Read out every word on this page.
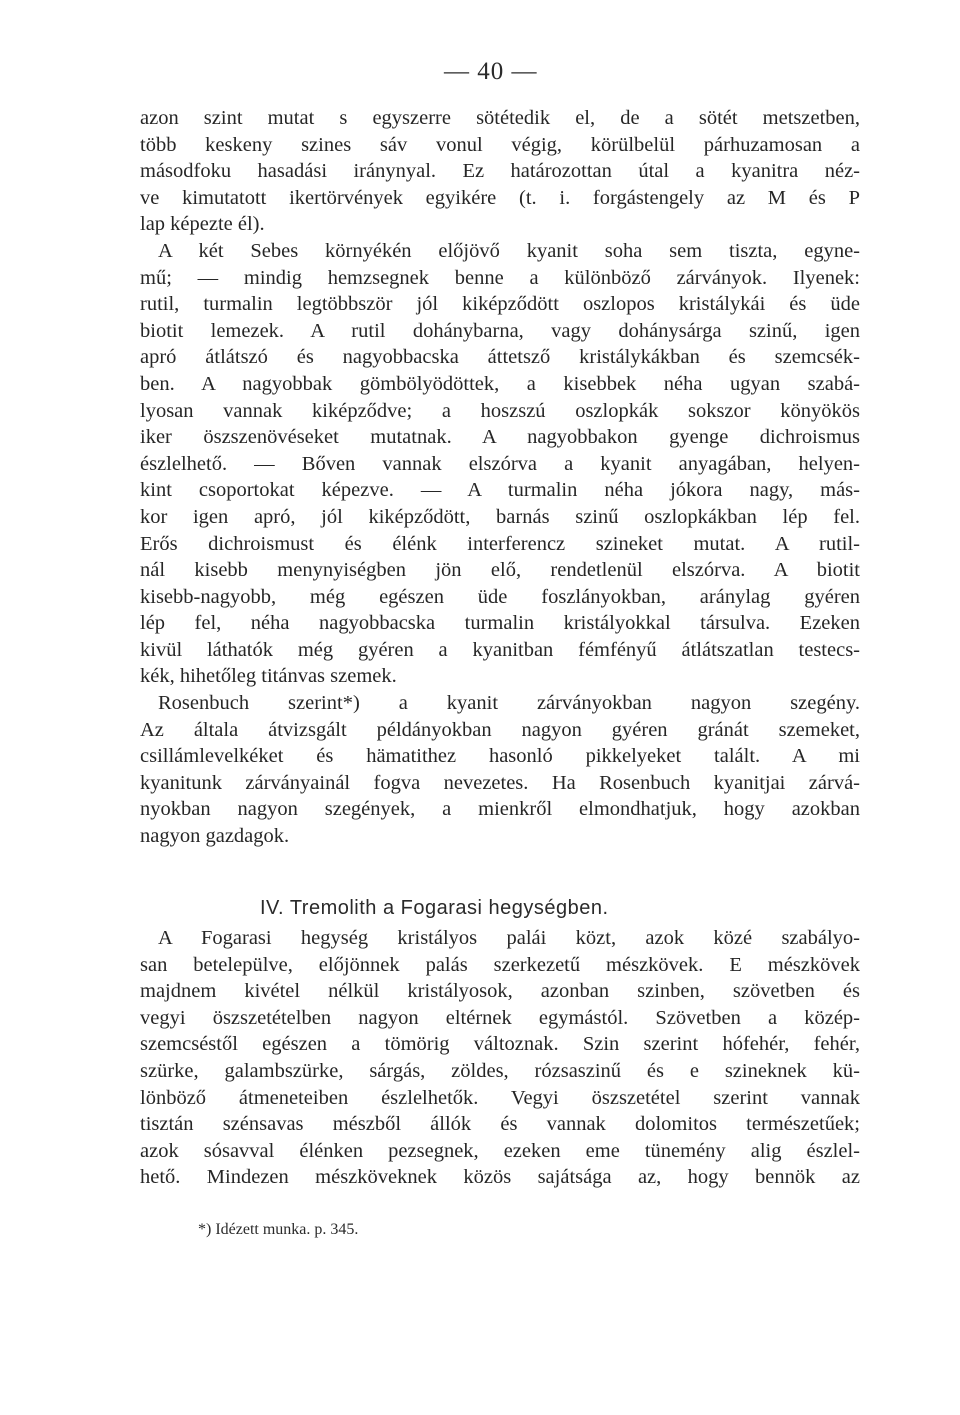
— 40 —
azon szint mutat s egyszerre sötétedik el, de a sötét metszetben,
több keskeny szines sáv vonul végig, körülbelül párhuzamosan a
másodfoku hasadási iránynyal. Ez határozottan útal a kyanitra néz-
ve kimutatott ikertörvények egyikére (t. i. forgástengely az M és P
lap képezte él).
A két Sebes környékén előjövő kyanit soha sem tiszta, egyne-
mű; — mindig hemzsegnek benne a különböző zárványok. Ilyenek:
rutil, turmalin legtöbbször jól kiképződött oszlopos kristálykái és üde
biotit lemezek. A rutil dohánybarna, vagy dohánysárga szinű, igen
apró átlátszó és nagyobbacska áttetsző kristálykákban és szemcsék-
ben. A nagyobbak gömbölyödöttek, a kisebbek néha ugyan szabá-
lyosan vannak kiképződve; a hoszszú oszlopkák sokszor könyökös
iker öszszenövéseket mutatnak. A nagyobbakon gyenge dichroismus
észlelhető. — Bőven vannak elszórva a kyanit anyagában, helyen-
kint csoportokat képezve. — A turmalin néha jókora nagy, más-
kor igen apró, jól kiképződött, barnás szinű oszlopkákban lép fel.
Erős dichroismust és élénk interferencz szineket mutat. A rutil-
nál kisebb menynyiségben jön elő, rendetlenül elszórva. A biotit
kisebb-nagyobb, még egészen üde foszlányokban, aránylag gyéren
lép fel, néha nagyobbacska turmalin kristályokkal társulva. Ezeken
kivül láthatók még gyéren a kyanitban fémfényű átlátszatlan testecs-
kék, hihetőleg titánvas szemek.
Rosenbuch szerint*) a kyanit zárványokban nagyon szegény.
Az általa átvizsgált példányokban nagyon gyéren gránát szemeket,
csillámlevelkéket és hämatithez hasonló pikkelyeket talált. A mi
kyanitunk zárványainál fogva nevezetes. Ha Rosenbuch kyanitjai zárvá-
nyokban nagyon szegények, a mienkről elmondhatjuk, hogy azokban
nagyon gazdagok.
IV. Tremolith a Fogarasi hegységben.
A Fogarasi hegység kristályos palái közt, azok közé szabályo-
san betelepülve, előjönnek palás szerkezetű mészkövek. E mészkövek
majdnem kivétel nélkül kristályosok, azonban szinben, szövetben és
vegyi öszszetételben nagyon eltérnek egymástól. Szövetben a közép-
szemcséstől egészen a tömörig változnak. Szin szerint hófehér, fehér,
szürke, galambszürke, sárgás, zöldes, rózsaszinű és e szineknek kü-
lönböző átmeneteiben észlelhetők. Vegyi öszszetétel szerint vannak
tisztán szénsavas mészből állók és vannak dolomitos természetűek;
azok sósavval élénken pezsegnek, ezeken eme tünemény alig észlel-
hető. Mindezen mészköveknek közös sajátsága az, hogy bennök az
*) Idézett munka. p. 345.
